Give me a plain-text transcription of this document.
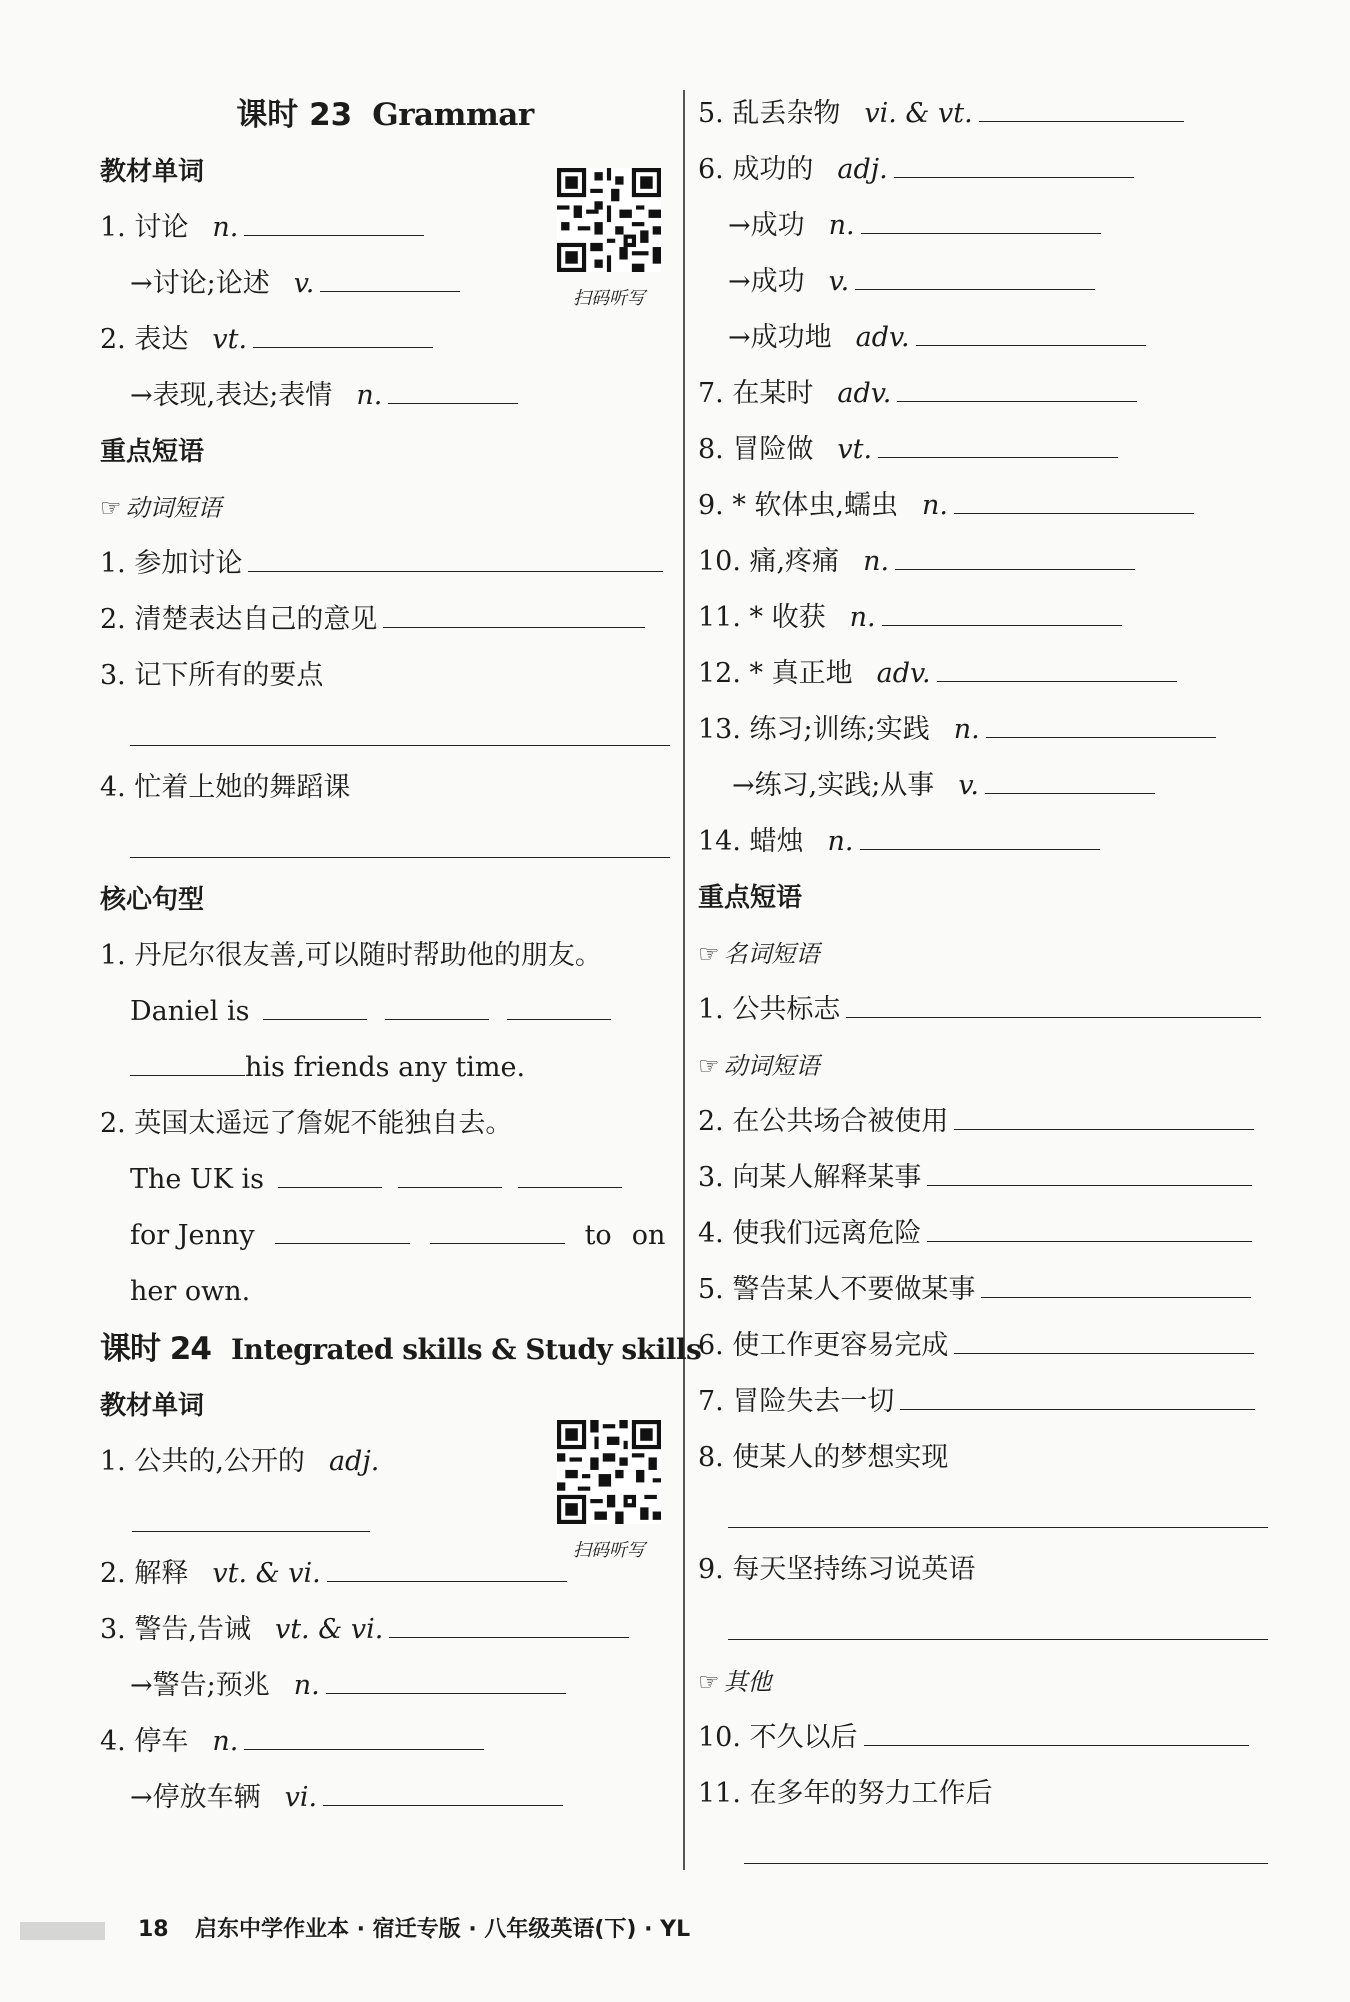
课时 23 Grammar
扫码听写
教材单词
1. 讨论 n.
→讨论;论述 v.
2. 表达 vt.
→表现,表达;表情 n.
重点短语
☞ 动词短语
1. 参加讨论
2. 清楚表达自己的意见
3. 记下所有的要点
4. 忙着上她的舞蹈课
核心句型
1. 丹尼尔很友善,可以随时帮助他的朋友。
Daniel is
his friends any time.
2. 英国太遥远了詹妮不能独自去。
The UK is
for Jenny	to on
her own.
课时 24 Integrated skills & Study skills
扫码听写
教材单词
1. 公共的,公开的 adj.
2. 解释 vt. & vi.
3. 警告,告诫 vt. & vi.
→警告;预兆 n.
4. 停车 n.
→停放车辆 vi.
5. 乱丢杂物 vi. & vt.
6. 成功的 adj.
→成功 n.
→成功 v.
→成功地 adv.
7. 在某时 adv.
8. 冒险做 vt.
9. * 软体虫,蠕虫 n.
10. 痛,疼痛 n.
11. * 收获 n.
12. * 真正地 adv.
13. 练习;训练;实践 n.
→练习,实践;从事 v.
14. 蜡烛 n.
重点短语
☞ 名词短语
1. 公共标志
☞ 动词短语
2. 在公共场合被使用
3. 向某人解释某事
4. 使我们远离危险
5. 警告某人不要做某事
6. 使工作更容易完成
7. 冒险失去一切
8. 使某人的梦想实现
9. 每天坚持练习说英语
☞ 其他
10. 不久以后
11. 在多年的努力工作后
18 启东中学作业本 · 宿迁专版 · 八年级英语(下) · YL
